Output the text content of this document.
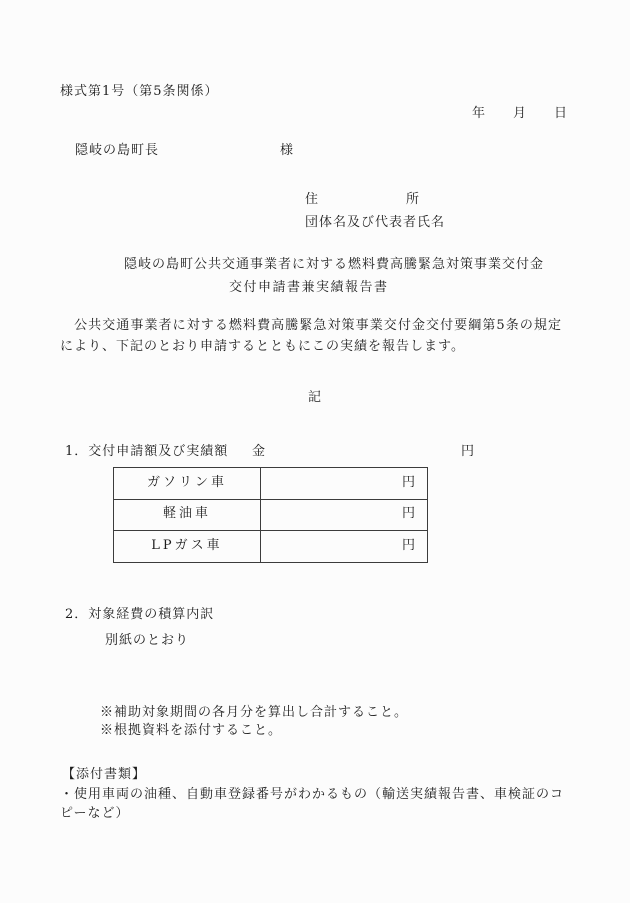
様式第1号（第5条関係）
年 月 日
隠岐の島町長	様
住	所
団体名及び代表者氏名
隠岐の島町公共交通事業者に対する燃料費高騰緊急対策事業交付金
交付申請書兼実績報告書
　公共交通事業者に対する燃料費高騰緊急対策事業交付金交付要綱第5条の規定により、下記のとおり申請するとともにこの実績を報告します。
記
1．交付申請額及び実績額 金	円
ガソリン車	円
軽油車	円
LPガス車	円
2．対象経費の積算内訳
別紙のとおり
※補助対象期間の各月分を算出し合計すること。
※根拠資料を添付すること。
【添付書類】
・使用車両の油種、自動車登録番号がわかるもの（輸送実績報告書、車検証のコピーなど）
